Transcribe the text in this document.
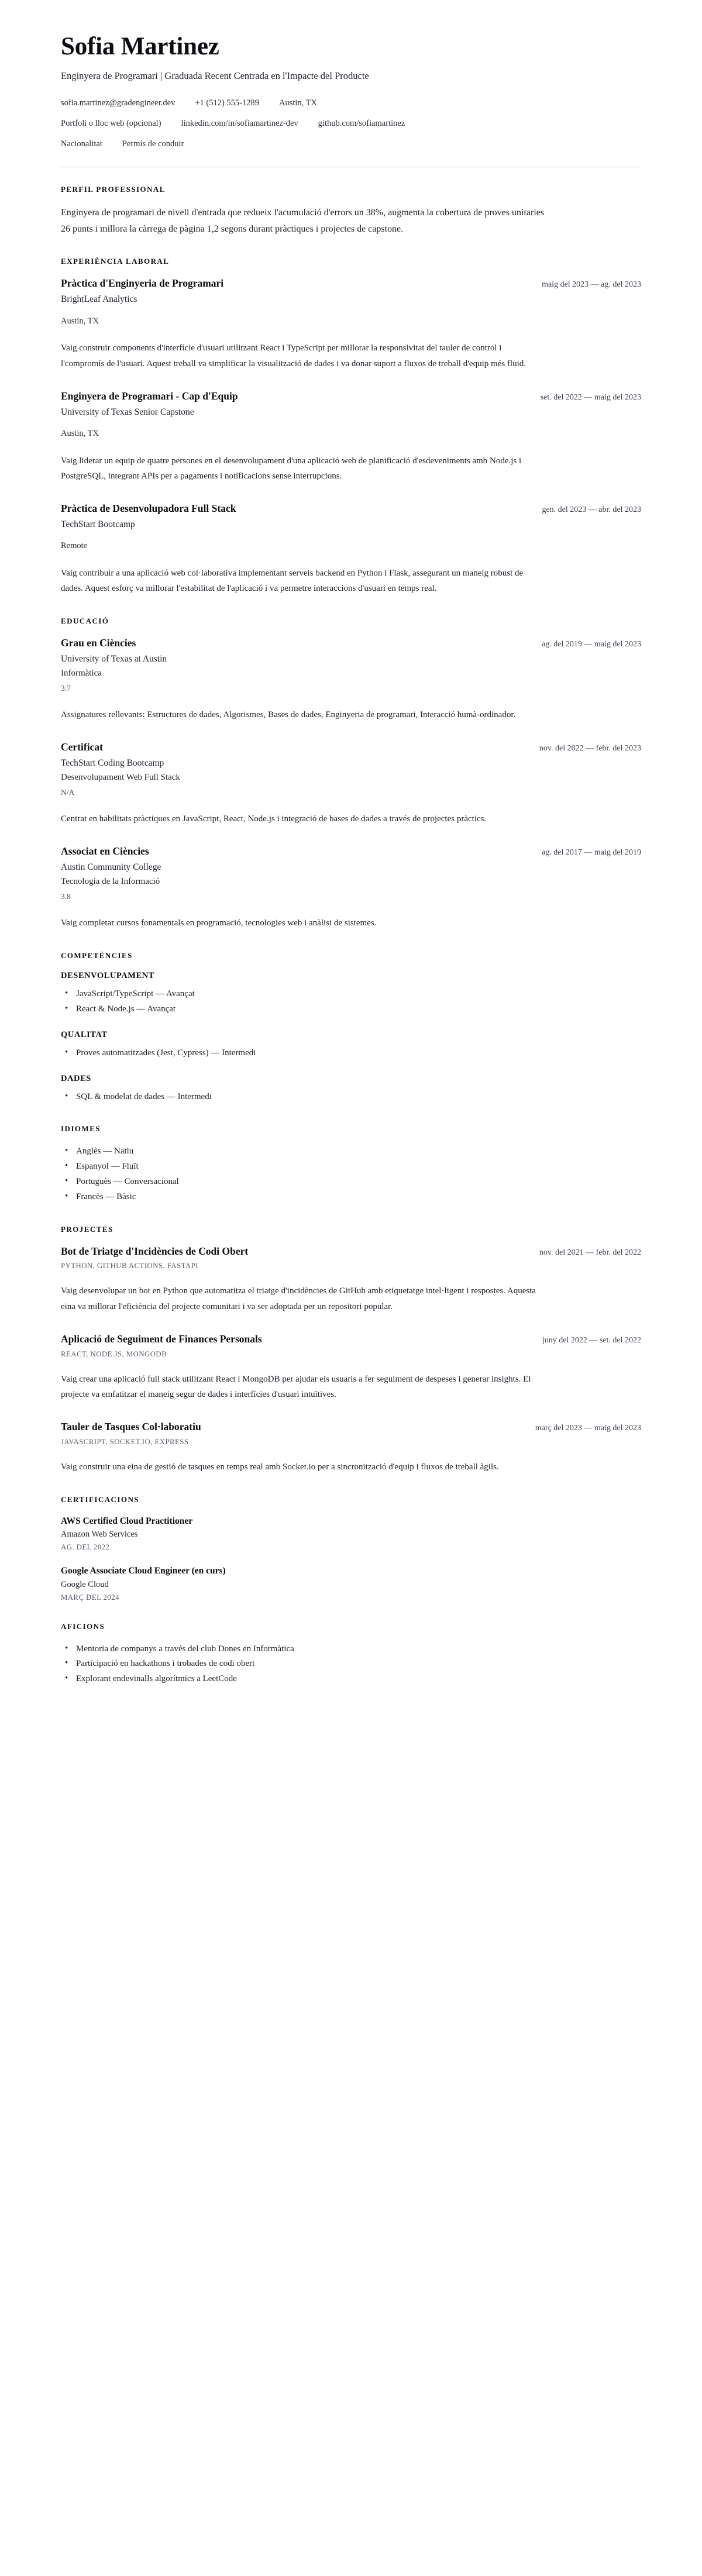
Sofia Martinez

Enginyera de Programari | Graduada Recent Centrada en l'Impacte del Producte

sofia.martinez@gradengineer.dev +1 (512) 555-1289 Austin, TX
Portfoli o lloc web (opcional) linkedin.com/in/sofiamartinez-dev github.com/sofiamartinez
Nacionalitat Permís de conduir
PERFIL PROFESSIONAL

Enginyera de programari de nivell d'entrada que redueix l'acumulació d'errors un 38%, augmenta la cobertura de proves unitaries 26 punts i millora la càrrega de pàgina 1,2 segons durant pràctiques i projectes de capstone.

EXPERIÈNCIA LABORAL
Pràctica d'Enginyeria de Programari	maig del 2023 — ag. del 2023

BrightLeaf Analytics

Austin, TX

Vaig construir components d'interfície d'usuari utilitzant React i TypeScript per millorar la responsivitat del tauler de control i l'compromís de l'usuari. Aquest treball va simplificar la visualització de dades i va donar suport a fluxos de treball d'equip més fluid.

Enginyera de Programari - Cap d'Equip	set. del 2022 — maig del 2023

University of Texas Senior Capstone

Austin, TX

Vaig liderar un equip de quatre persones en el desenvolupament d'una aplicació web de planificació d'esdeveniments amb Node.js i PostgreSQL, integrant APIs per a pagaments i notificacions sense interrupcions.

Pràctica de Desenvolupadora Full Stack	gen. del 2023 — abr. del 2023

TechStart Bootcamp

Remote

Vaig contribuir a una aplicació web col·laborativa implementant serveis backend en Python i Flask, assegurant un maneig robust de dades. Aquest esforç va millorar l'estabilitat de l'aplicació i va permetre interaccions d'usuari en temps real.

EDUCACIÓ
Grau en Ciències	ag. del 2019 — maig del 2023

University of Texas at Austin

Informàtica

3.7

Assignatures rellevants: Estructures de dades, Algorismes, Bases de dades, Enginyeria de programari, Interacció humà-ordinador.

Certificat	nov. del 2022 — febr. del 2023

TechStart Coding Bootcamp

Desenvolupament Web Full Stack

N/A

Centrat en habilitats pràctiques en JavaScript, React, Node.js i integració de bases de dades a través de projectes pràctics.

Associat en Ciències	ag. del 2017 — maig del 2019

Austin Community College

Tecnologia de la Informació

3.8

Vaig completar cursos fonamentals en programació, tecnologies web i anàlisi de sistemes.

COMPETÈNCIES
DESENVOLUPAMENT
• JavaScript/TypeScript — Avançat
• React & Node.js — Avançat
QUALITAT
• Proves automatitzades (Jest, Cypress) — Intermedi
DADES
• SQL & modelat de dades — Intermedi
IDIOMES
• Anglès — Natiu
• Espanyol — Fluït
• Portuguès — Conversacional
• Francès — Bàsic
PROJECTES
Bot de Triatge d'Incidències de Codi Obert	nov. del 2021 — febr. del 2022

PYTHON, GITHUB ACTIONS, FASTAPI

Vaig desenvolupar un bot en Python que automatitza el triatge d'incidències de GitHub amb etiquetatge intel·ligent i respostes. Aquesta eina va millorar l'eficiència del projecte comunitari i va ser adoptada per un repositori popular.

Aplicació de Seguiment de Finances Personals	juny del 2022 — set. del 2022

REACT, NODE.JS, MONGODB

Vaig crear una aplicació full stack utilitzant React i MongoDB per ajudar els usuaris a fer seguiment de despeses i generar insights. El projecte va emfatitzar el maneig segur de dades i interfícies d'usuari intuïtives.

Tauler de Tasques Col·laboratiu	març del 2023 — maig del 2023

JAVASCRIPT, SOCKET.IO, EXPRESS

Vaig construir una eina de gestió de tasques en temps real amb Socket.io per a sincronització d'equip i fluxos de treball àgils.

CERTIFICACIONS

AWS Certified Cloud Practitioner

Amazon Web Services

AG. DEL 2022

Google Associate Cloud Engineer (en curs)

Google Cloud

MARÇ DEL 2024

AFICIONS
• Mentoria de companys a través del club Dones en Informàtica
• Participació en hackathons i trobades de codi obert
• Explorant endevinalls algorítmics a LeetCode
